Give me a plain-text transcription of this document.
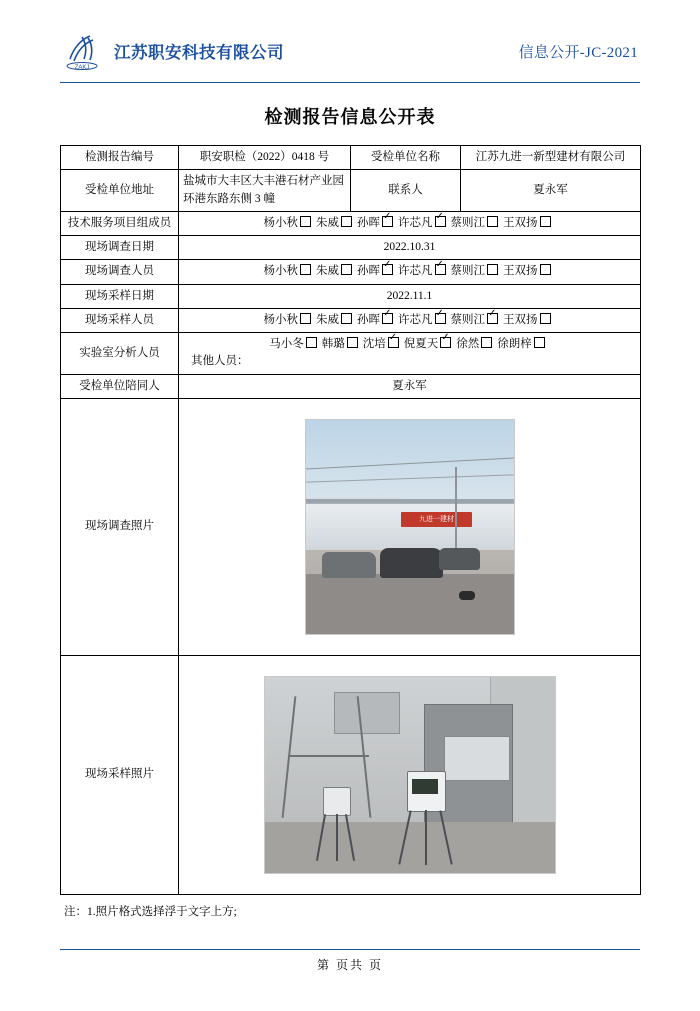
ZAKJ
江苏职安科技有限公司	信息公开-JC-2021
检测报告信息公开表
检测报告编号	职安职检（2022）0418 号	受检单位名称	江苏九进一新型建材有限公司
受检单位地址	盐城市大丰区大丰港石材产业园环港东路东侧 3 幢	联系人	夏永军
技术服务项目组成员	杨小秋 朱威 孙晖 ✓ 许芯凡 ✓ 蔡则江 王双扬
现场调查日期	2022.10.31		
现场调查人员	杨小秋 朱威 孙晖 ✓ 许芯凡 ✓ 蔡则江 王双扬
现场采样日期	2022.11.1		
现场采样人员	杨小秋 朱威 孙晖 ✓ 许芯凡 ✓ 蔡则江 ✓ 王双扬
实验室分析人员	马小冬 韩璐 沈培 ✓ 倪夏天 ✓ 徐然 徐朗梓
其他人员：

受检单位陪同人	夏永军		
现场调查照片	九进一建材		

现场采样照片			
注：1.照片格式选择浮于文字上方;
第 页共 页
